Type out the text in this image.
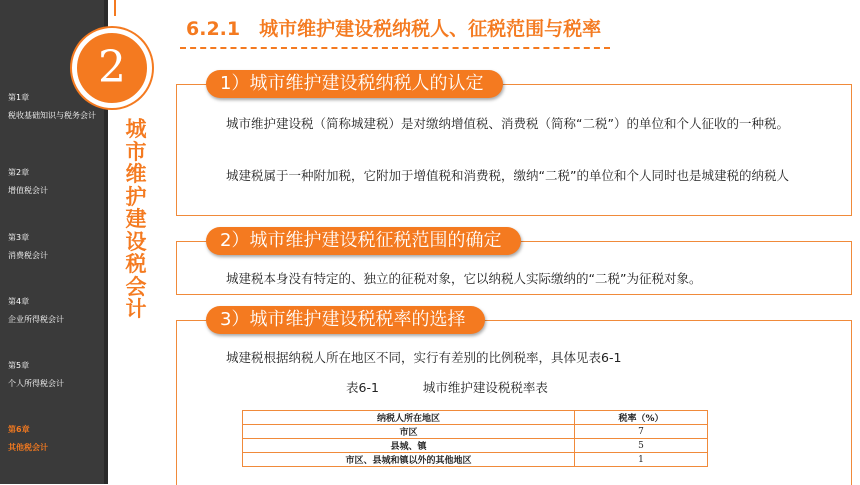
第1章
税收基础知识与税务会计
第2章
增值税会计
第3章
消费税会计
第4章
企业所得税会计
第5章
个人所得税会计
第6章
其他税会计
2
城市维护建设税会计
6.2.1　城市维护建设税纳税人、征税范围与税率
1）城市维护建设税纳税人的认定
城市维护建设税（简称城建税）是对缴纳增值税、消费税（简称“二税”）的单位和个人征收的一种税。
城建税属于一种附加税，它附加于增值税和消费税，缴纳“二税”的单位和个人同时也是城建税的纳税人
2）城市维护建设税征税范围的确定
城建税本身没有特定的、独立的征税对象，它以纳税人实际缴纳的“二税”为征税对象。
3）城市维护建设税税率的选择
城建税根据纳税人所在地区不同，实行有差别的比例税率，具体见表6-1
表6-1	城市维护建设税税率表
纳税人所在地区	税率（%）
市区	7
县城、镇	5
市区、县城和镇以外的其他地区	1
